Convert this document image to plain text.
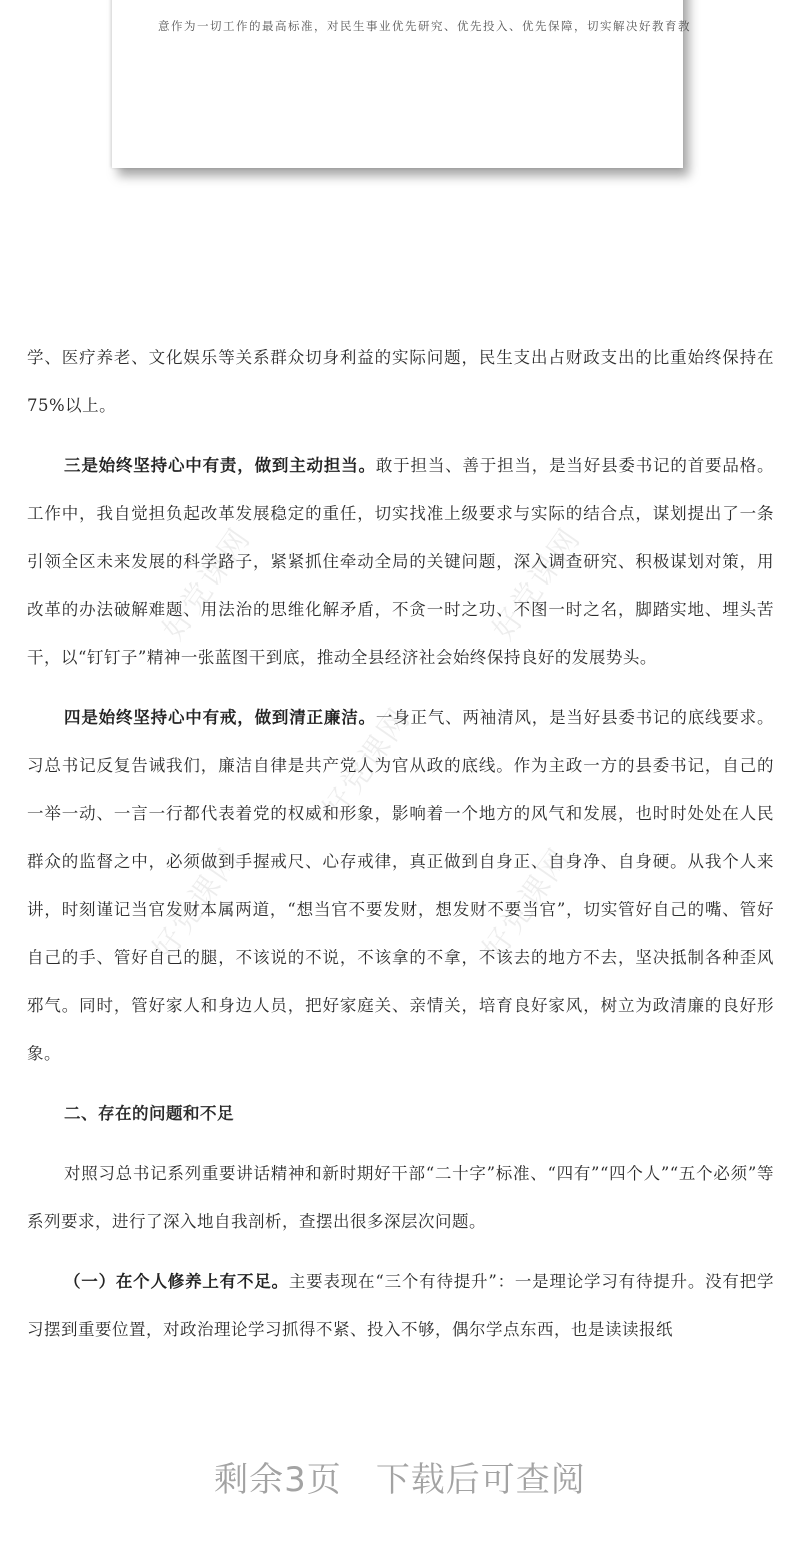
意作为一切工作的最高标准，对民生事业优先研究、优先投入、优先保障，切实解决好教育教
好党课网	好党课网
好党课网
好党课网	好党课网

学、医疗养老、文化娱乐等关系群众切身利益的实际问题，民生支出占财政支出的比重始终保持在 75%以上。

三是始终坚持心中有责，做到主动担当。敢于担当、善于担当，是当好县委书记的首要品格。工作中，我自觉担负起改革发展稳定的重任，切实找准上级要求与实际的结合点，谋划提出了一条引领全区未来发展的科学路子，紧紧抓住牵动全局的关键问题，深入调查研究、积极谋划对策，用改革的办法破解难题、用法治的思维化解矛盾，不贪一时之功、不图一时之名，脚踏实地、埋头苦干，以“钉钉子”精神一张蓝图干到底，推动全县经济社会始终保持良好的发展势头。

四是始终坚持心中有戒，做到清正廉洁。一身正气、两袖清风，是当好县委书记的底线要求。习总书记反复告诫我们，廉洁自律是共产党人为官从政的底线。作为主政一方的县委书记，自己的一举一动、一言一行都代表着党的权威和形象，影响着一个地方的风气和发展，也时时处处在人民群众的监督之中，必须做到手握戒尺、心存戒律，真正做到自身正、自身净、自身硬。从我个人来讲，时刻谨记当官发财本属两道，“想当官不要发财，想发财不要当官”，切实管好自己的嘴、管好自己的手、管好自己的腿，不该说的不说，不该拿的不拿，不该去的地方不去，坚决抵制各种歪风邪气。同时，管好家人和身边人员，把好家庭关、亲情关，培育良好家风，树立为政清廉的良好形象。

二、存在的问题和不足

对照习总书记系列重要讲话精神和新时期好干部“二十字”标准、“四有”“四个人”“五个必须”等系列要求，进行了深入地自我剖析，查摆出很多深层次问题。

（一）在个人修养上有不足。主要表现在“三个有待提升”：一是理论学习有待提升。没有把学习摆到重要位置，对政治理论学习抓得不紧、投入不够，偶尔学点东西，也是读读报纸

剩余3页 下载后可查阅
